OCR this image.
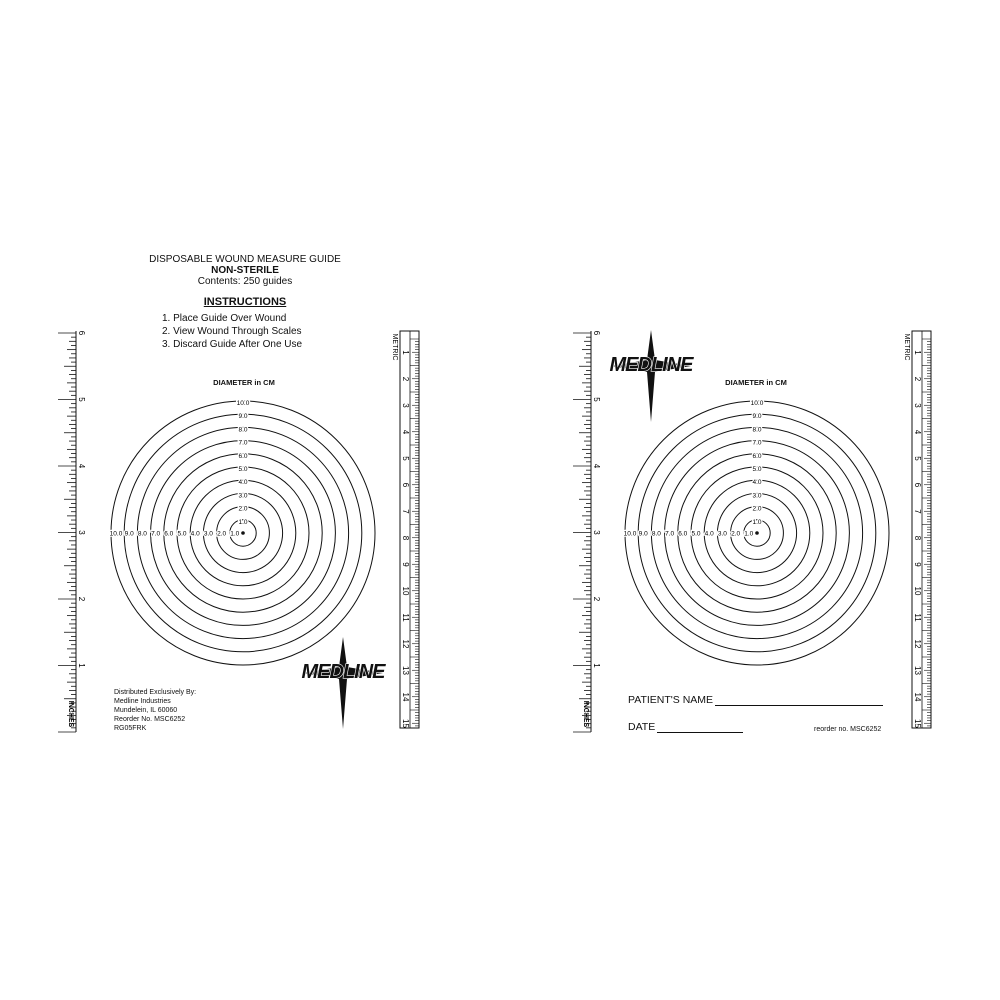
1
2
3
4
5
6
INCHES
1
2
3
4
5
6
7
8
9
10
11
12
13
14
15
METRIC
1.0
1.0
2.0
2.0
3.0
3.0
4.0
4.0
5.0
5.0
6.0
6.0
7.0
7.0
8.0
8.0
9.0
9.0
10.0
10.0
MEDLINE
DISPOSABLE WOUND MEASURE GUIDE
NON-STERILE
Contents: 250 guides
INSTRUCTIONS
1. Place Guide Over Wound
2. View Wound Through Scales
3. Discard Guide After One Use
DIAMETER in CM
Distributed Exclusively By:
Medline Industries
Mundelein, IL 60060
Reorder No. MSC6252
RG05FRK
1
2
3
4
5
6
INCHES
1
2
3
4
5
6
7
8
9
10
11
12
13
14
15
METRIC
1.0
1.0
2.0
2.0
3.0
3.0
4.0
4.0
5.0
5.0
6.0
6.0
7.0
7.0
8.0
8.0
9.0
9.0
10.0
10.0
MEDLINE
DIAMETER in CM
PATIENT'S NAME
DATE	reorder no. MSC6252
